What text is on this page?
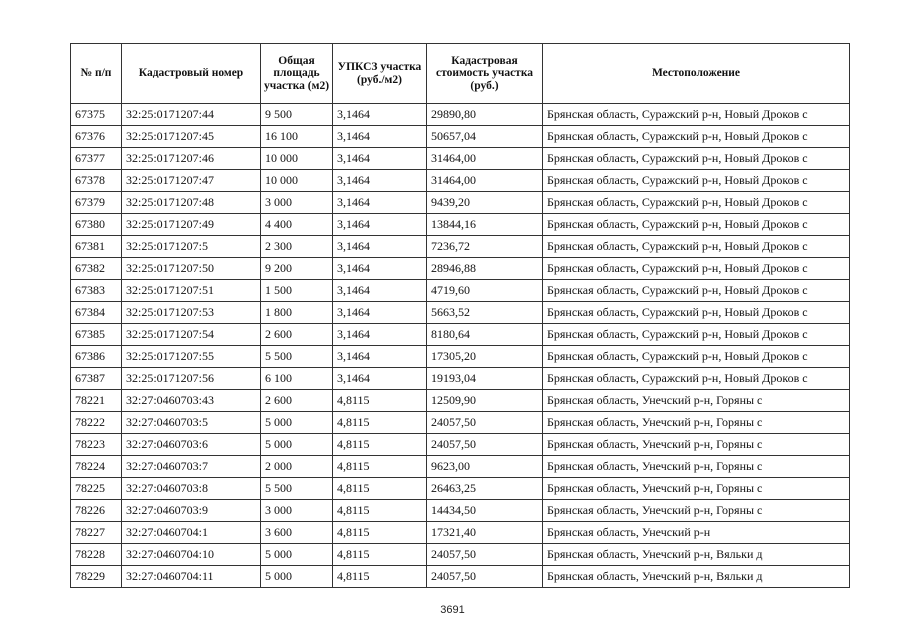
№ п/п	Кадастровый номер	Общая площадь участка (м2)	УПКСЗ участка (руб./м2)	Кадастровая стоимость участка (руб.)	Местоположение
67375	32:25:0171207:44	9 500	3,1464	29890,80	Брянская область, Суражский р-н, Новый Дроков с
67376	32:25:0171207:45	16 100	3,1464	50657,04	Брянская область, Суражский р-н, Новый Дроков с
67377	32:25:0171207:46	10 000	3,1464	31464,00	Брянская область, Суражский р-н, Новый Дроков с
67378	32:25:0171207:47	10 000	3,1464	31464,00	Брянская область, Суражский р-н, Новый Дроков с
67379	32:25:0171207:48	3 000	3,1464	9439,20	Брянская область, Суражский р-н, Новый Дроков с
67380	32:25:0171207:49	4 400	3,1464	13844,16	Брянская область, Суражский р-н, Новый Дроков с
67381	32:25:0171207:5	2 300	3,1464	7236,72	Брянская область, Суражский р-н, Новый Дроков с
67382	32:25:0171207:50	9 200	3,1464	28946,88	Брянская область, Суражский р-н, Новый Дроков с
67383	32:25:0171207:51	1 500	3,1464	4719,60	Брянская область, Суражский р-н, Новый Дроков с
67384	32:25:0171207:53	1 800	3,1464	5663,52	Брянская область, Суражский р-н, Новый Дроков с
67385	32:25:0171207:54	2 600	3,1464	8180,64	Брянская область, Суражский р-н, Новый Дроков с
67386	32:25:0171207:55	5 500	3,1464	17305,20	Брянская область, Суражский р-н, Новый Дроков с
67387	32:25:0171207:56	6 100	3,1464	19193,04	Брянская область, Суражский р-н, Новый Дроков с
78221	32:27:0460703:43	2 600	4,8115	12509,90	Брянская область, Унечский р-н, Горяны с
78222	32:27:0460703:5	5 000	4,8115	24057,50	Брянская область, Унечский р-н, Горяны с
78223	32:27:0460703:6	5 000	4,8115	24057,50	Брянская область, Унечский р-н, Горяны с
78224	32:27:0460703:7	2 000	4,8115	9623,00	Брянская область, Унечский р-н, Горяны с
78225	32:27:0460703:8	5 500	4,8115	26463,25	Брянская область, Унечский р-н, Горяны с
78226	32:27:0460703:9	3 000	4,8115	14434,50	Брянская область, Унечский р-н, Горяны с
78227	32:27:0460704:1	3 600	4,8115	17321,40	Брянская область, Унечский р-н
78228	32:27:0460704:10	5 000	4,8115	24057,50	Брянская область, Унечский р-н, Вяльки д
78229	32:27:0460704:11	5 000	4,8115	24057,50	Брянская область, Унечский р-н, Вяльки д
3691
